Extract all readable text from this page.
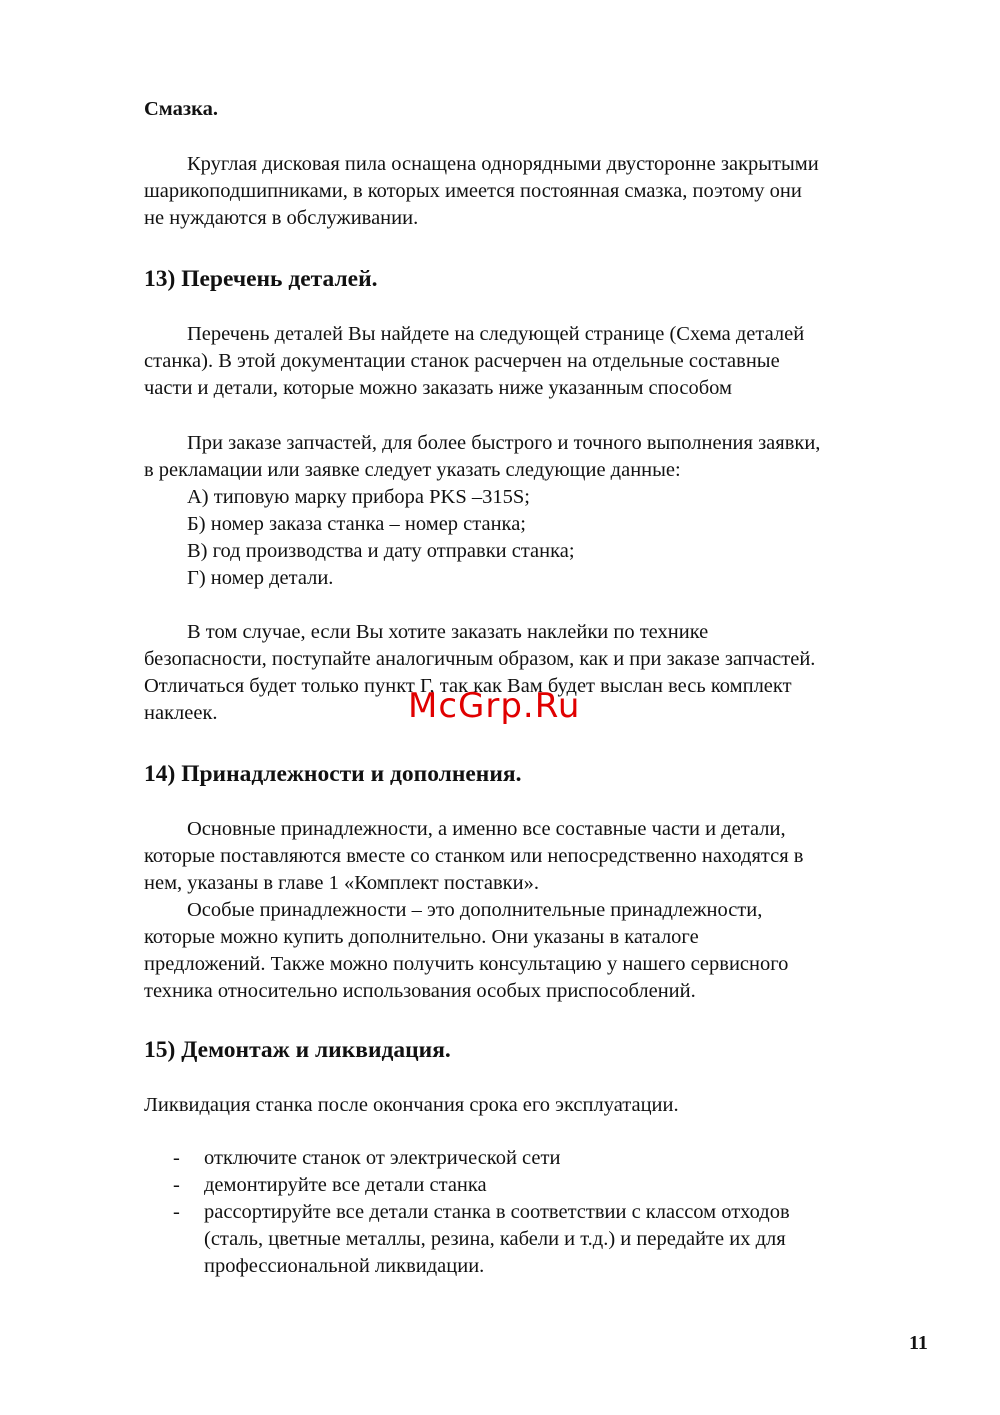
Смазка.
Круглая дисковая пила оснащена однорядными двусторонне закрытыми
шарикоподшипниками, в которых имеется постоянная смазка, поэтому они
не нуждаются в обслуживании.
13) Перечень деталей.
Перечень деталей Вы найдете на следующей странице (Схема деталей
станка). В этой документации станок расчерчен на отдельные составные
части и детали, которые можно заказать ниже указанным способом
При заказе запчастей, для более быстрого и точного выполнения заявки,
в рекламации или заявке следует указать следующие данные:
А) типовую марку прибора PKS –315S;
Б) номер заказа станка – номер станка;
В) год производства и дату отправки станка;
Г) номер детали.
В том случае, если Вы хотите заказать наклейки по технике
безопасности, поступайте аналогичным образом, как и при заказе запчастей.
Отличаться будет только пункт Г, так как Вам будет выслан весь комплект
наклеек.	McGrp.Ru
14) Принадлежности и дополнения.
Основные принадлежности, а именно все составные части и детали,
которые поставляются вместе со станком или непосредственно находятся в
нем, указаны в главе 1 «Комплект поставки».
Особые принадлежности – это дополнительные принадлежности,
которые можно купить дополнительно. Они указаны в каталоге
предложений. Также можно получить консультацию у нашего сервисного
техника относительно использования особых приспособлений.
15) Демонтаж и ликвидация.
Ликвидация станка после окончания срока его эксплуатации.
- отключите станок от электрической сети
- демонтируйте все детали станка
- рассортируйте все детали станка в соответствии с классом отходов
(сталь, цветные металлы, резина, кабели и т.д.) и передайте их для
профессиональной ликвидации.
11
